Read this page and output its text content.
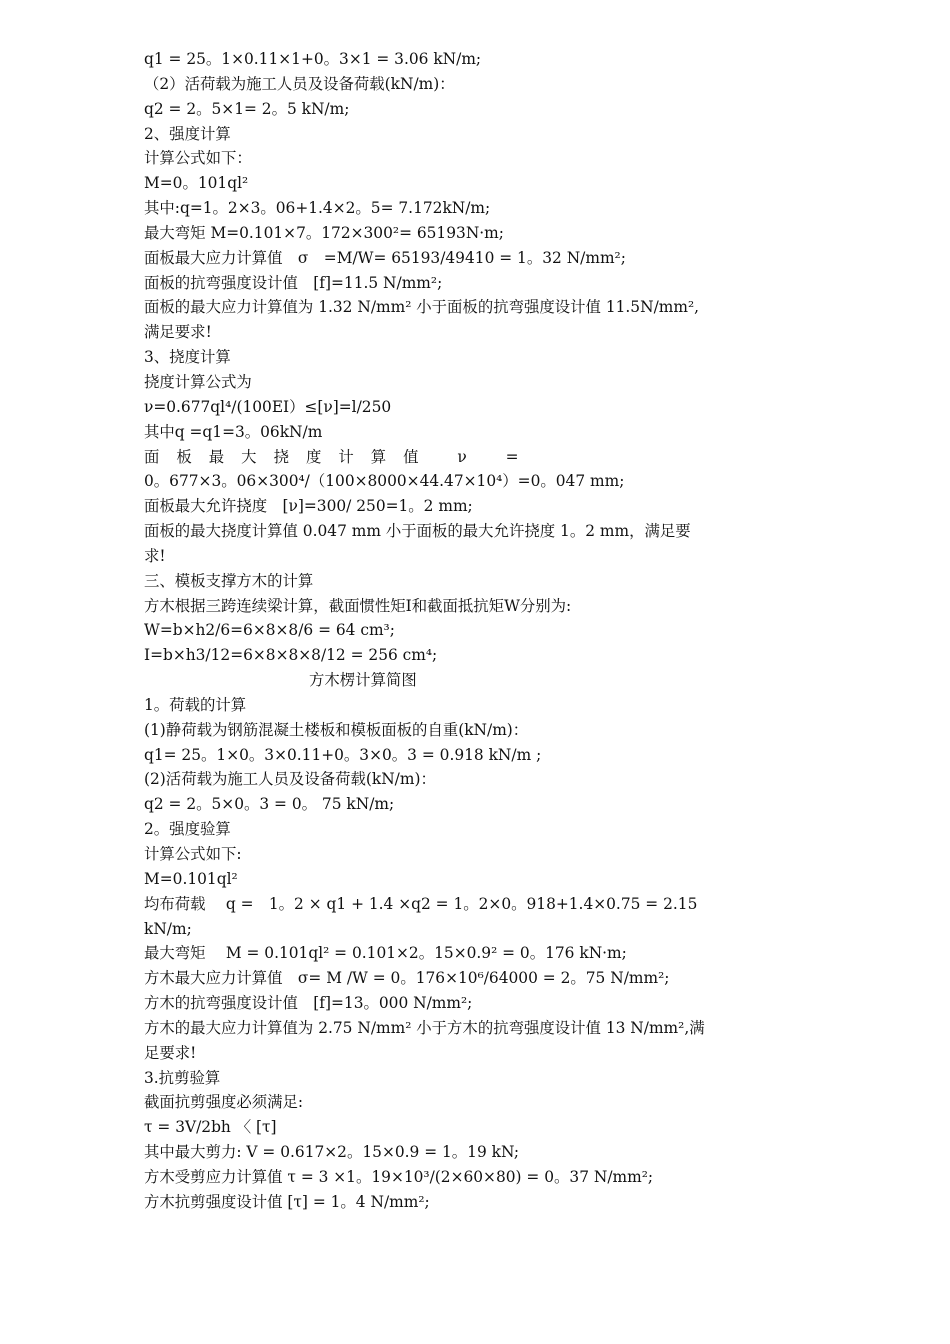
q1 = 25。1×0.11×1+0。3×1 = 3.06 kN/m;
（2）活荷载为施工人员及设备荷载(kN/m)：
q2 = 2。5×1= 2。5 kN/m;
2、强度计算
计算公式如下：
M=0。101ql²
其中:q=1。2×3。06+1.4×2。5= 7.172kN/m;
最大弯矩 M=0.101×7。172×300²= 65193N·m;
面板最大应力计算值　σ　=M/W= 65193/49410 = 1。32 N/mm²;
面板的抗弯强度设计值　[f]=11.5 N/mm²;
面板的最大应力计算值为 1.32 N/mm² 小于面板的抗弯强度设计值 11.5N/mm²,
满足要求!
3、挠度计算
挠度计算公式为
ν=0.677ql⁴/(100EI）≤[ν]=l/250
其中q =q1=3。06kN/m
面板最大挠度计算值 ν =
0。677×3。06×300⁴/（100×8000×44.47×10⁴）=0。047 mm;
面板最大允许挠度　[ν]=300/ 250=1。2 mm;
面板的最大挠度计算值 0.047 mm 小于面板的最大允许挠度 1。2 mm，满足要
求!
三、模板支撑方木的计算
方木根据三跨连续梁计算，截面惯性矩I和截面抵抗矩W分别为:
W=b×h2/6=6×8×8/6 = 64 cm³;
I=b×h3/12=6×8×8×8/12 = 256 cm⁴;
方木楞计算简图
1。荷载的计算
(1)静荷载为钢筋混凝土楼板和模板面板的自重(kN/m)：
q1= 25。1×0。3×0.11+0。3×0。3 = 0.918 kN/m ;
(2)活荷载为施工人员及设备荷载(kN/m)：
q2 = 2。5×0。3 = 0。 75 kN/m;
2。强度验算
计算公式如下:
M=0.101ql²
均布荷载　 q =　1。2 × q1 + 1.4 ×q2 = 1。2×0。918+1.4×0.75 = 2.15
kN/m;
最大弯矩　 M = 0.101ql² = 0.101×2。15×0.9² = 0。176 kN·m;
方木最大应力计算值　σ= M /W = 0。176×10⁶/64000 = 2。75 N/mm²;
方木的抗弯强度设计值　[f]=13。000 N/mm²;
方木的最大应力计算值为 2.75 N/mm² 小于方木的抗弯强度设计值 13 N/mm²,满
足要求!
3.抗剪验算
截面抗剪强度必须满足:
τ = 3V/2bh 〈 [τ]
其中最大剪力: V = 0.617×2。15×0.9 = 1。19 kN;
方木受剪应力计算值 τ = 3 ×1。19×10³/(2×60×80) = 0。37 N/mm²;
方木抗剪强度设计值 [τ] = 1。4 N/mm²;
